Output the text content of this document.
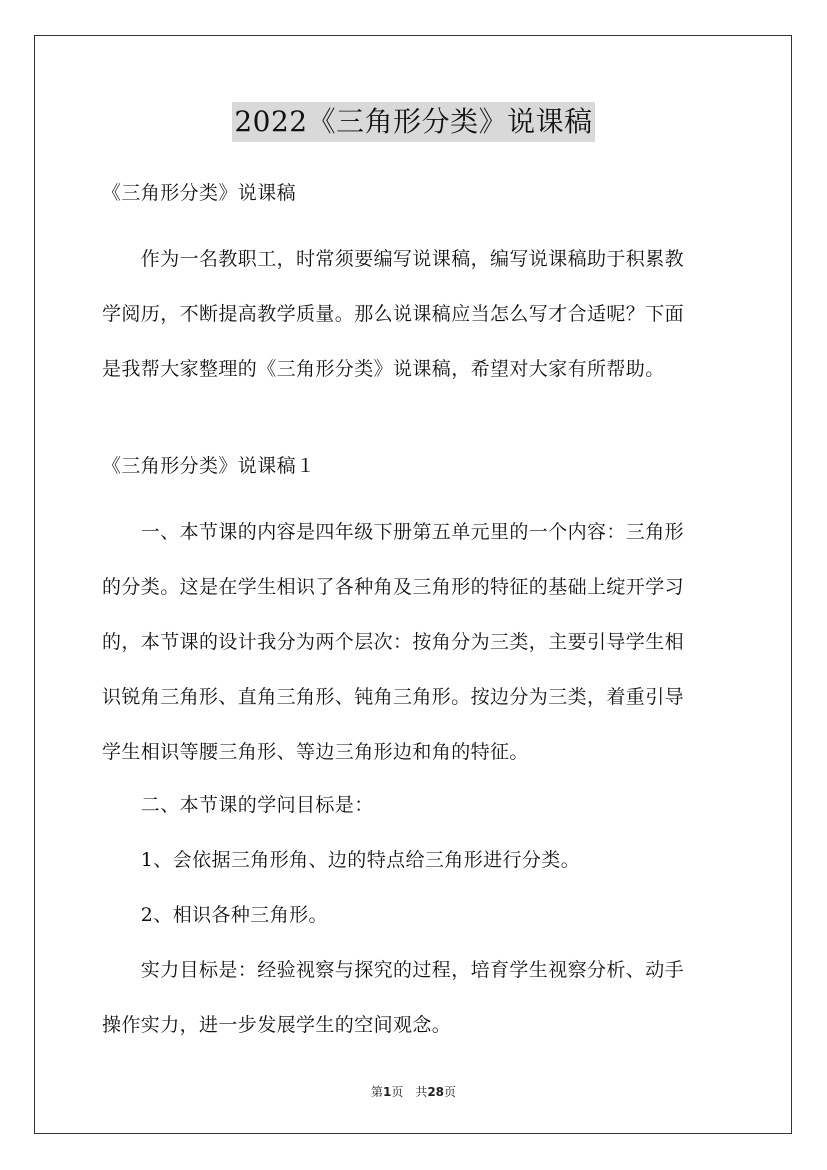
2022《三角形分类》说课稿

《三角形分类》说课稿

　　作为一名教职工，时常须要编写说课稿，编写说课稿助于积累教

学阅历，不断提高教学质量。那么说课稿应当怎么写才合适呢？下面

是我帮大家整理的《三角形分类》说课稿，希望对大家有所帮助。

《三角形分类》说课稿１

　　一、本节课的内容是四年级下册第五单元里的一个内容：三角形

的分类。这是在学生相识了各种角及三角形的特征的基础上绽开学习

的，本节课的设计我分为两个层次：按角分为三类，主要引导学生相

识锐角三角形、直角三角形、钝角三角形。按边分为三类，着重引导

学生相识等腰三角形、等边三角形边和角的特征。

　　二、本节课的学问目标是：

　　1、会依据三角形角、边的特点给三角形进行分类。

　　2、相识各种三角形。

　　实力目标是：经验视察与探究的过程，培育学生视察分析、动手

操作实力，进一步发展学生的空间观念。

第1页　共28页
